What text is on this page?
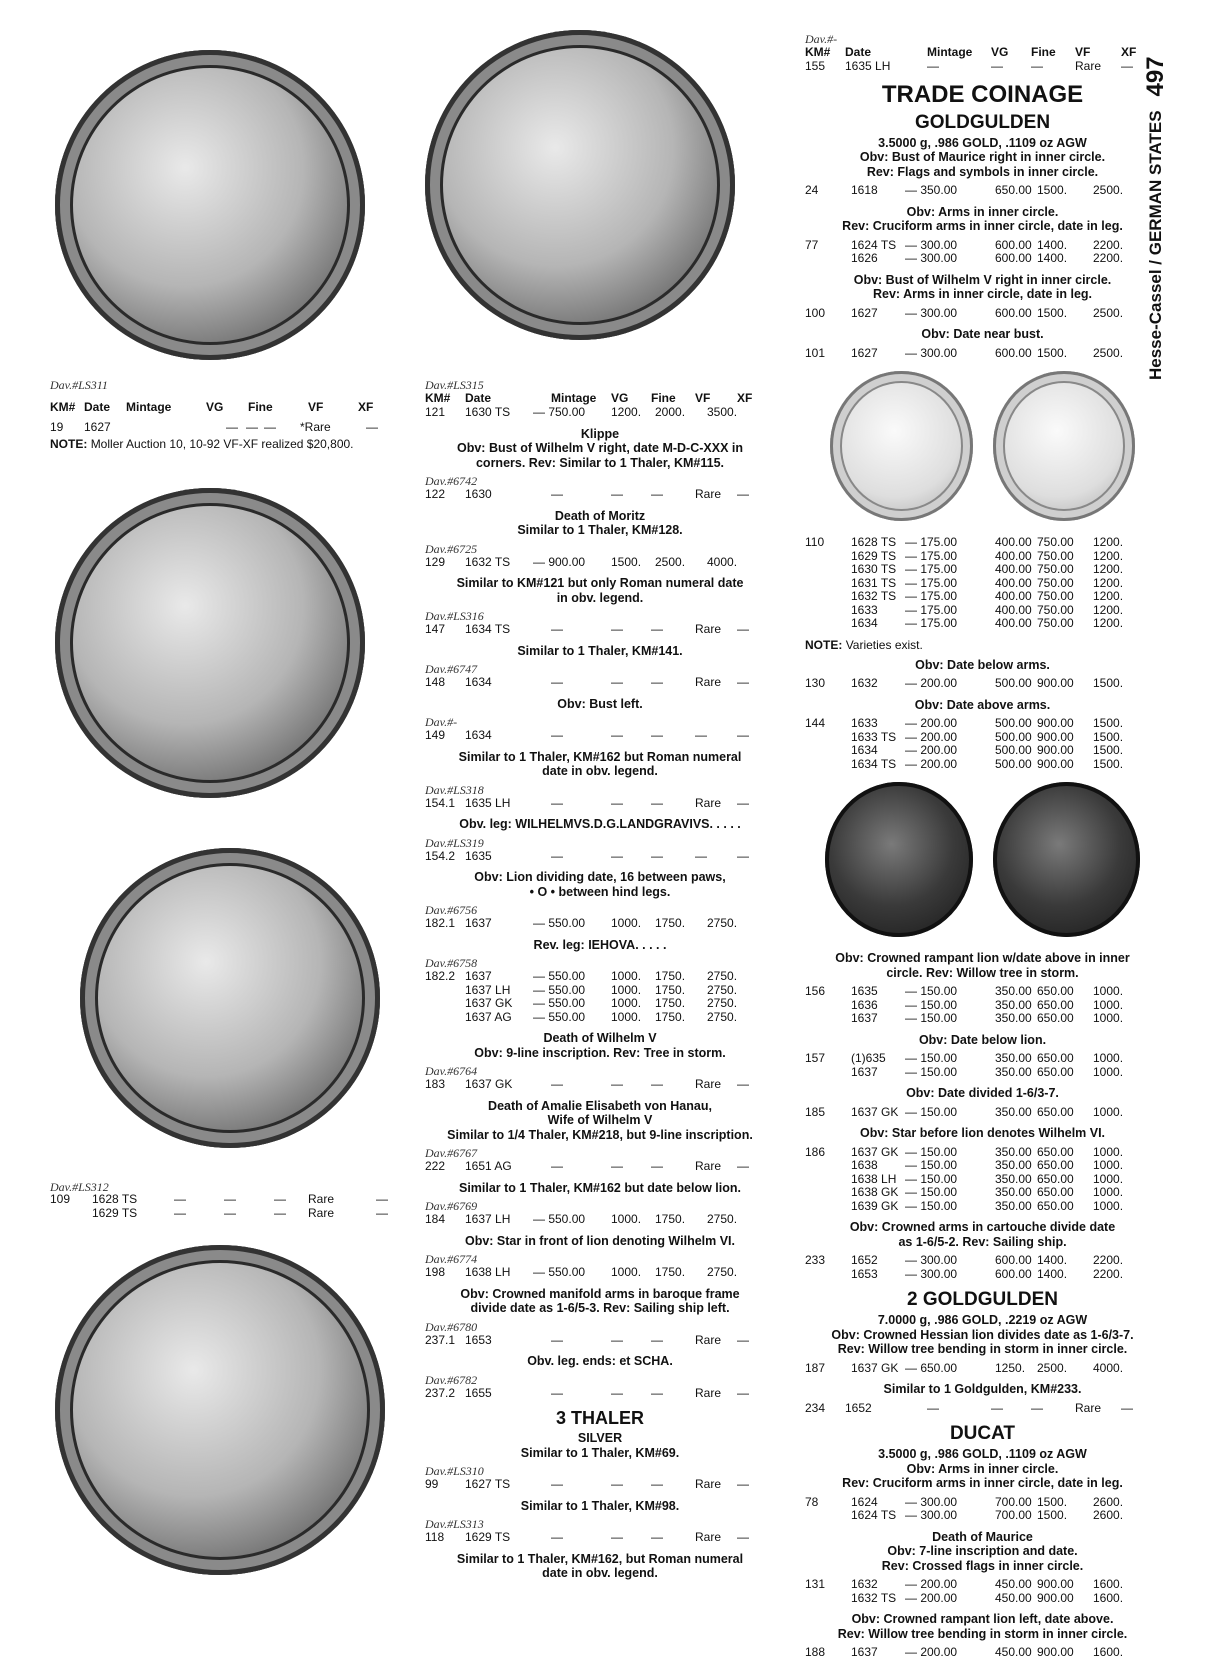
Hesse-Cassel / GERMAN STATES
497
Dav.#LS311
KM# Date Mintage	VG Fine	VF	XF
19 1627	— — — *Rare	—
NOTE: Moller Auction 10, 10-92 VF-XF realized $20,800.
Dav.#LS312
109 1628 TS	—	—	— Rare	—
1629 TS	—	—	— Rare	—
Dav.#LS315
KM# Date	Mintage VG Fine VF XF
121 1630 TS — 750.00 1200. 2000. 3500.
Klippe
Obv: Bust of Wilhelm V right, date M-D-C-XXX in
corners. Rev: Similar to 1 Thaler, KM#115.
Dav.#6742
122 1630	—	— —	Rare —
Death of Moritz
Similar to 1 Thaler, KM#128.
Dav.#6725
129 1632 TS — 900.00 1500. 2500. 4000.
Similar to KM#121 but only Roman numeral date
in obv. legend.
Dav.#LS316
147 1634 TS	—	— —	Rare —
Similar to 1 Thaler, KM#141.
Dav.#6747
148 1634	—	— —	Rare —
Obv: Bust left.
Dav.#-
149 1634	—	— —	—	—
Similar to 1 Thaler, KM#162 but Roman numeral
date in obv. legend.
Dav.#LS318
154.1 1635 LH	—	— —	Rare —
Obv. leg: WILHELMVS.D.G.LANDGRAVIVS. . . . .
Dav.#LS319
154.2 1635	—	— —	—	—
Obv: Lion dividing date, 16 between paws,
• O • between hind legs.
Dav.#6756
182.1 1637	— 550.00 1000. 1750. 2750.
Rev. leg: IEHOVA. . . . .
Dav.#6758
182.2 1637	— 550.00 1000. 1750. 2750.
1637 LH — 550.00 1000. 1750. 2750.
1637 GK — 550.00 1000. 1750. 2750.
1637 AG — 550.00 1000. 1750. 2750.
Death of Wilhelm V
Obv: 9-line inscription. Rev: Tree in storm.
Dav.#6764
183 1637 GK	—	— —	Rare —
Death of Amalie Elisabeth von Hanau,
Wife of Wilhelm V
Similar to 1/4 Thaler, KM#218, but 9-line inscription.
Dav.#6767
222 1651 AG	—	— —	Rare —
Similar to 1 Thaler, KM#162 but date below lion.
Dav.#6769
184 1637 LH — 550.00 1000. 1750. 2750.
Obv: Star in front of lion denoting Wilhelm VI.
Dav.#6774
198 1638 LH — 550.00 1000. 1750. 2750.
Obv: Crowned manifold arms in baroque frame
divide date as 1-6/5-3. Rev: Sailing ship left.
Dav.#6780
237.1 1653	—	— —	Rare —
Obv. leg. ends: et SCHA.
Dav.#6782
237.2 1655	—	— —	Rare —
3 THALER
SILVER
Similar to 1 Thaler, KM#69.
Dav.#LS310
99 1627 TS	—	— —	Rare —
Similar to 1 Thaler, KM#98.
Dav.#LS313
118 1629 TS	—	— —	Rare —
Similar to 1 Thaler, KM#162, but Roman numeral
date in obv. legend.
Dav.#-
KM# Date	Mintage VG Fine VF	XF
155 1635 LH	—	— —	Rare —
TRADE COINAGE
GOLDGULDEN
3.5000 g, .986 GOLD, .1109 oz AGW
Obv: Bust of Maurice right in inner circle.
Rev: Flags and symbols in inner circle.
24	1618 — 350.00	650.00 1500. 2500.
Obv: Arms in inner circle.
Rev: Cruciform arms in inner circle, date in leg.
77	1624 TS — 300.00	600.00 1400. 2200.
1626 — 300.00	600.00 1400. 2200.
Obv: Bust of Wilhelm V right in inner circle.
Rev: Arms in inner circle, date in leg.
100 1627 — 300.00	600.00 1500. 2500.
Obv: Date near bust.
101 1627 — 300.00	600.00 1500. 2500.
110 1628 TS — 175.00	400.00 750.00 1200.
1629 TS — 175.00	400.00 750.00 1200.
1630 TS — 175.00	400.00 750.00 1200.
1631 TS — 175.00	400.00 750.00 1200.
1632 TS — 175.00	400.00 750.00 1200.
1633 — 175.00	400.00 750.00 1200.
1634 — 175.00	400.00 750.00 1200.
NOTE: Varieties exist.
Obv: Date below arms.
130 1632 — 200.00	500.00 900.00 1500.
Obv: Date above arms.
144 1633 — 200.00	500.00 900.00 1500.
1633 TS — 200.00	500.00 900.00 1500.
1634 — 200.00	500.00 900.00 1500.
1634 TS — 200.00	500.00 900.00 1500.
Obv: Crowned rampant lion w/date above in inner
circle. Rev: Willow tree in storm.
156 1635 — 150.00	350.00 650.00 1000.
1636 — 150.00	350.00 650.00 1000.
1637 — 150.00	350.00 650.00 1000.
Obv: Date below lion.
157 (1)635 — 150.00	350.00 650.00 1000.
1637 — 150.00	350.00 650.00 1000.
Obv: Date divided 1-6/3-7.
185 1637 GK — 150.00	350.00 650.00 1000.
Obv: Star before lion denotes Wilhelm VI.
186 1637 GK — 150.00	350.00 650.00 1000.
1638 — 150.00	350.00 650.00 1000.
1638 LH — 150.00	350.00 650.00 1000.
1638 GK — 150.00	350.00 650.00 1000.
1639 GK — 150.00	350.00 650.00 1000.
Obv: Crowned arms in cartouche divide date
as 1-6/5-2. Rev: Sailing ship.
233 1652 — 300.00	600.00 1400. 2200.
1653 — 300.00	600.00 1400. 2200.
2 GOLDGULDEN
7.0000 g, .986 GOLD, .2219 oz AGW
Obv: Crowned Hessian lion divides date as 1-6/3-7.
Rev: Willow tree bending in storm in inner circle.
187 1637 GK — 650.00	1250. 2500. 4000.
Similar to 1 Goldgulden, KM#233.
234 1652	—	— —	Rare —
DUCAT
3.5000 g, .986 GOLD, .1109 oz AGW
Obv: Arms in inner circle.
Rev: Cruciform arms in inner circle, date in leg.
78	1624 — 300.00	700.00 1500. 2600.
1624 TS — 300.00	700.00 1500. 2600.
Death of Maurice
Obv: 7-line inscription and date.
Rev: Crossed flags in inner circle.
131 1632 — 200.00	450.00 900.00 1600.
1632 TS — 200.00	450.00 900.00 1600.
Obv: Crowned rampant lion left, date above.
Rev: Willow tree bending in storm in inner circle.
188 1637 — 200.00	450.00 900.00 1600.
